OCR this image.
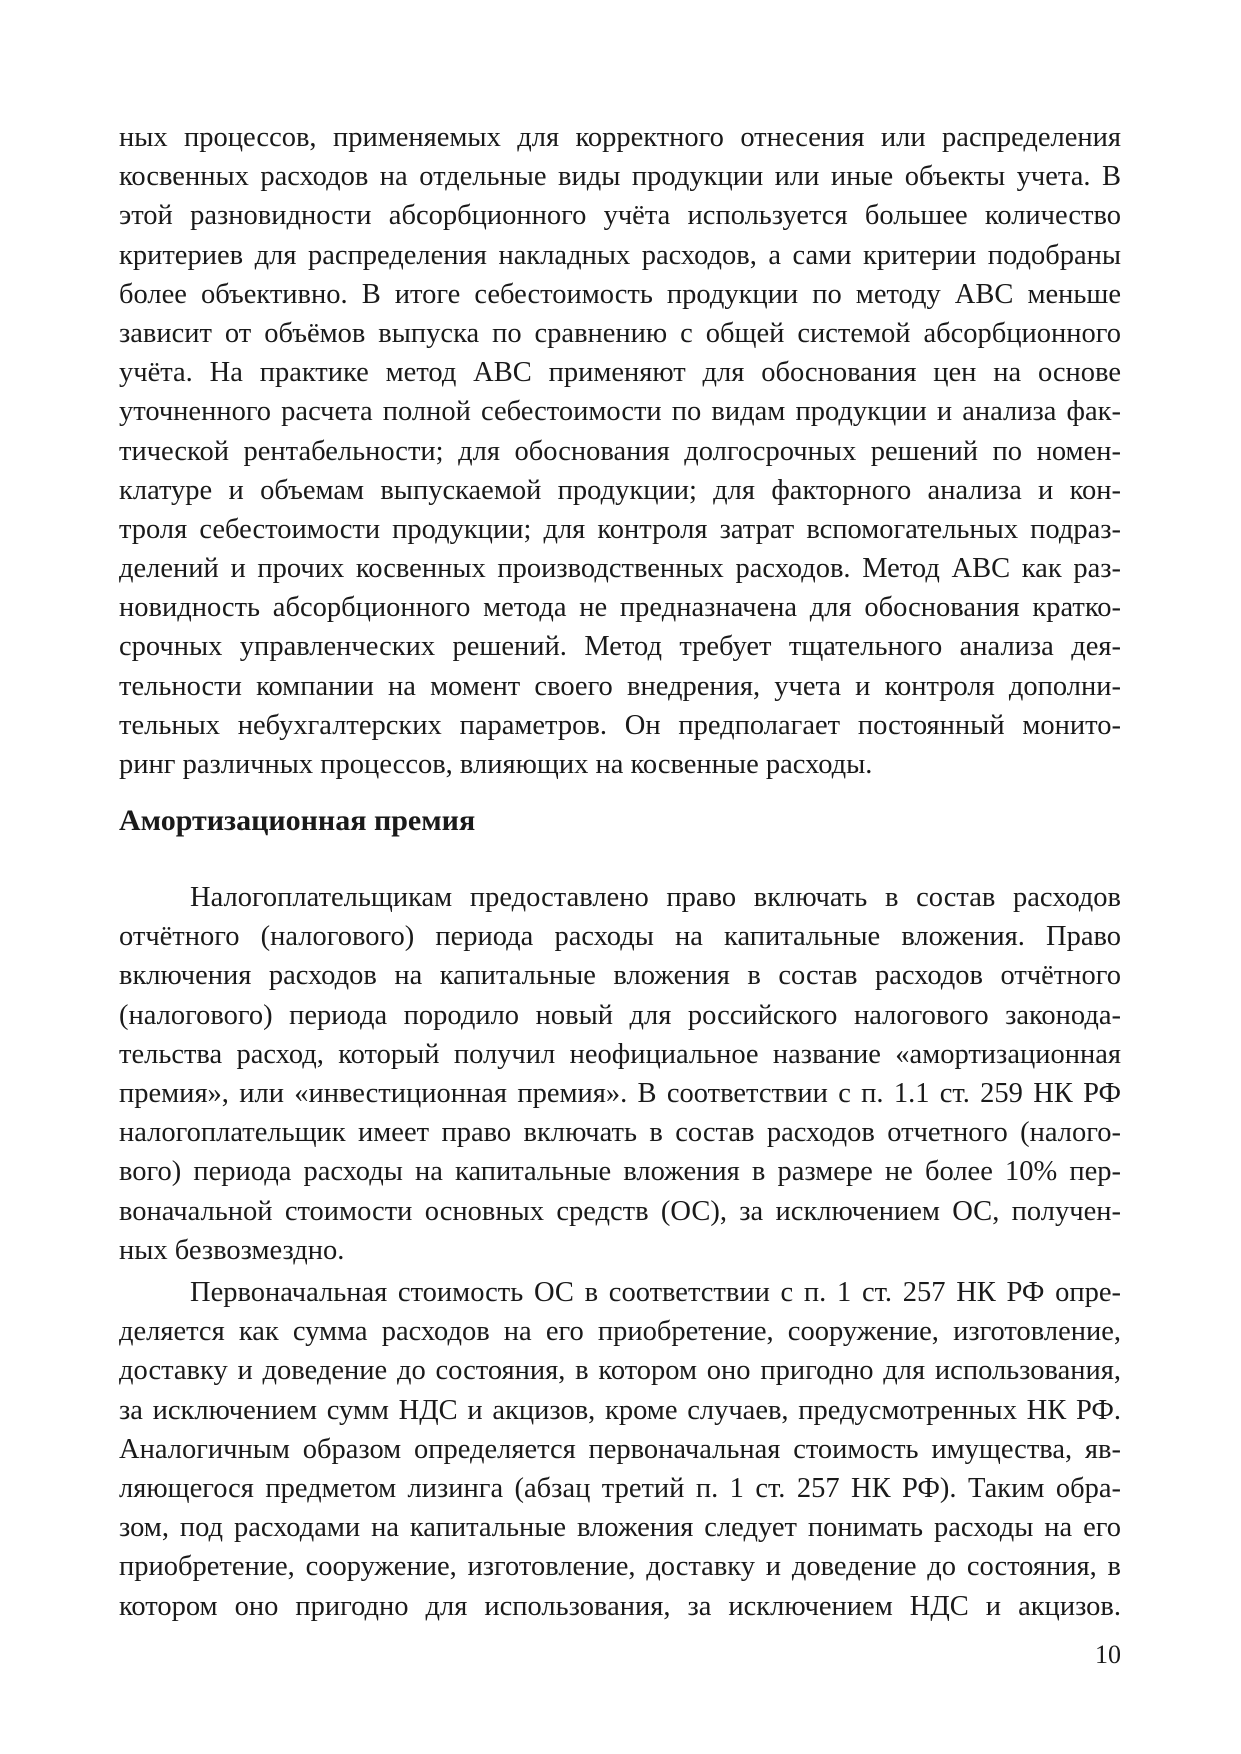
ных процессов, применяемых для корректного отнесения или распределения
косвенных расходов на отдельные виды продукции или иные объекты учета. В
этой разновидности абсорбционного учёта используется большее количество
критериев для распределения накладных расходов, а сами критерии подобраны
более объективно. В итоге себестоимость продукции по методу ABC меньше
зависит от объёмов выпуска по сравнению с общей системой абсорбционного
учёта. На практике метод ABC применяют для обоснования цен на основе
уточненного расчета полной себестоимости по видам продукции и анализа фак-
тической рентабельности; для обоснования долгосрочных решений по номен-
клатуре и объемам выпускаемой продукции; для факторного анализа и кон-
троля себестоимости продукции; для контроля затрат вспомогательных подраз-
делений и прочих косвенных производственных расходов. Метод ABC как раз-
новидность абсорбционного метода не предназначена для обоснования кратко-
срочных управленческих решений. Метод требует тщательного анализа дея-
тельности компании на момент своего внедрения, учета и контроля дополни-
тельных небухгалтерских параметров. Он предполагает постоянный монито-
ринг различных процессов, влияющих на косвенные расходы.
Амортизационная премия
Налогоплательщикам предоставлено право включать в состав расходов
отчётного (налогового) периода расходы на капитальные вложения. Право
включения расходов на капитальные вложения в состав расходов отчётного
(налогового) периода породило новый для российского налогового законода-
тельства расход, который получил неофициальное название «амортизационная
премия», или «инвестиционная премия». В соответствии с п. 1.1 ст. 259 НК РФ
налогоплательщик имеет право включать в состав расходов отчетного (налого-
вого) периода расходы на капитальные вложения в размере не более 10% пер-
воначальной стоимости основных средств (ОС), за исключением ОС, получен-
ных безвозмездно.
Первоначальная стоимость ОС в соответствии с п. 1 ст. 257 НК РФ опре-
деляется как сумма расходов на его приобретение, сооружение, изготовление,
доставку и доведение до состояния, в котором оно пригодно для использования,
за исключением сумм НДС и акцизов, кроме случаев, предусмотренных НК РФ.
Аналогичным образом определяется первоначальная стоимость имущества, яв-
ляющегося предметом лизинга (абзац третий п. 1 ст. 257 НК РФ). Таким обра-
зом, под расходами на капитальные вложения следует понимать расходы на его
приобретение, сооружение, изготовление, доставку и доведение до состояния, в
котором оно пригодно для использования, за исключением НДС и акцизов.
10
